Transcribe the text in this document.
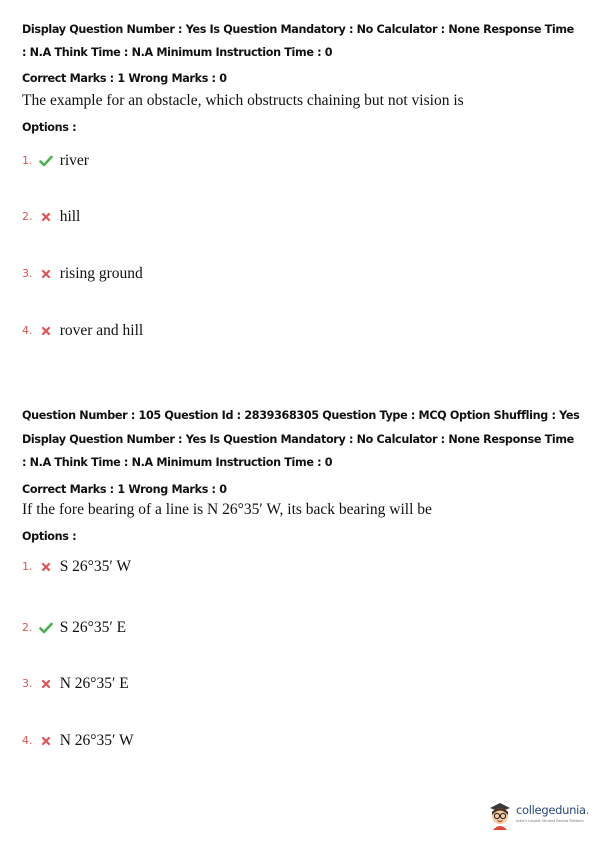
Display Question Number : Yes Is Question Mandatory : No Calculator : None Response Time
: N.A Think Time : N.A Minimum Instruction Time : 0
Correct Marks : 1 Wrong Marks : 0
The example for an obstacle, which obstructs chaining but not vision is
Options :
1. river
2. hill
3. rising ground
4. rover and hill
Question Number : 105 Question Id : 2839368305 Question Type : MCQ Option Shuffling : Yes
Display Question Number : Yes Is Question Mandatory : No Calculator : None Response Time
: N.A Think Time : N.A Minimum Instruction Time : 0
Correct Marks : 1 Wrong Marks : 0
If the fore bearing of a line is N 26°35′ W, its back bearing will be
Options :
1. S 26°35′ W
2. S 26°35′ E
3. N 26°35′ E
4. N 26°35′ W
collegedunia.
India's Largest Student Review Platform
